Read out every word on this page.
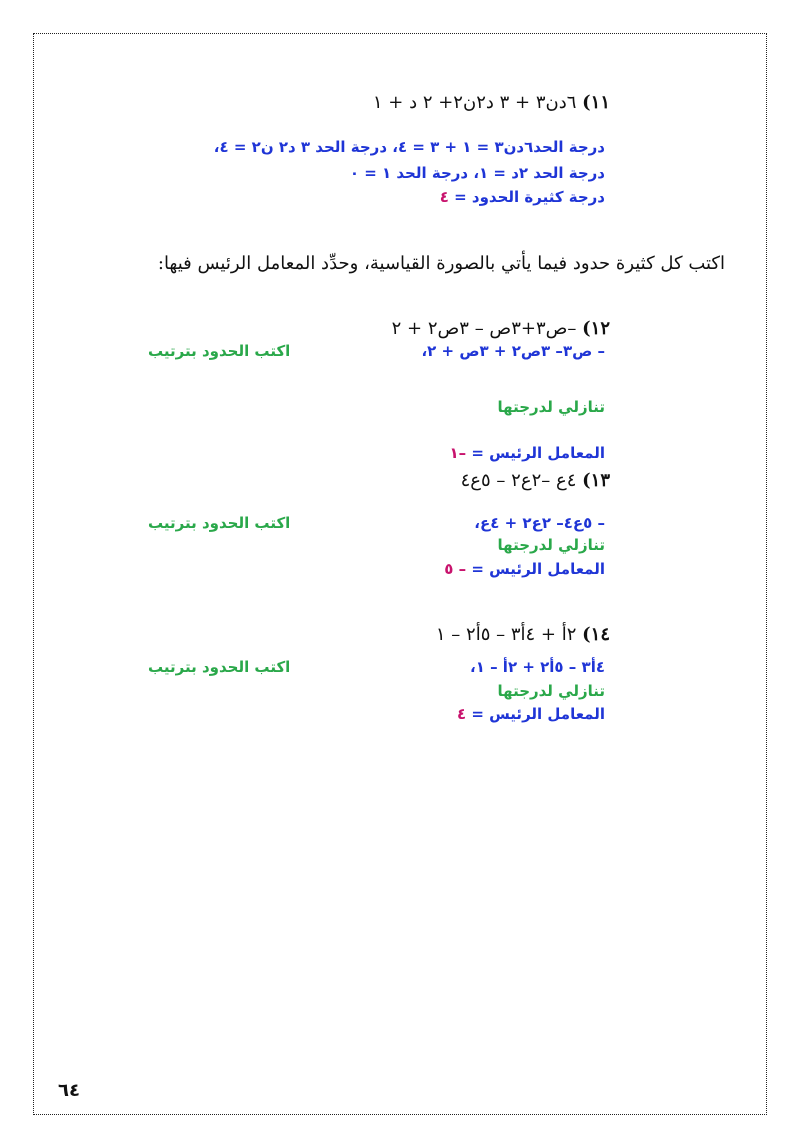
١١) ٦دن٣ + ٣ د٢ن٢+ ٢ د + ١
درجة الحد٦دن٣ = ١ + ٣ = ٤، درجة الحد ٣ د٢ ن٢ = ٤،
درجة الحد ٢د = ١، درجة الحد ١ = ٠
درجة كثيرة الحدود = ٤
اكتب كل كثيرة حدود فيما يأتي بالصورة القياسية، وحدِّد المعامل الرئيس فيها:
١٢) –ص٣+٣ص – ٣ص٢ + ٢
– ص٣– ٣ص٢ + ٣ص + ٢،
اكتب الحدود بترتيب
تنازلي لدرجتها
المعامل الرئيس = –١
١٣) ٤ع –٢ع٢ – ٥ع٤
– ٥ع٤– ٢ع٢ + ٤ع،
اكتب الحدود بترتيب
تنازلي لدرجتها
المعامل الرئيس = – ٥
١٤) ٢أ + ٤أ٣ – ٥أ٢ – ١
٤أ٣ – ٥أ٢ + ٢أ – ١،
اكتب الحدود بترتيب
تنازلي لدرجتها
المعامل الرئيس = ٤
٦٤
